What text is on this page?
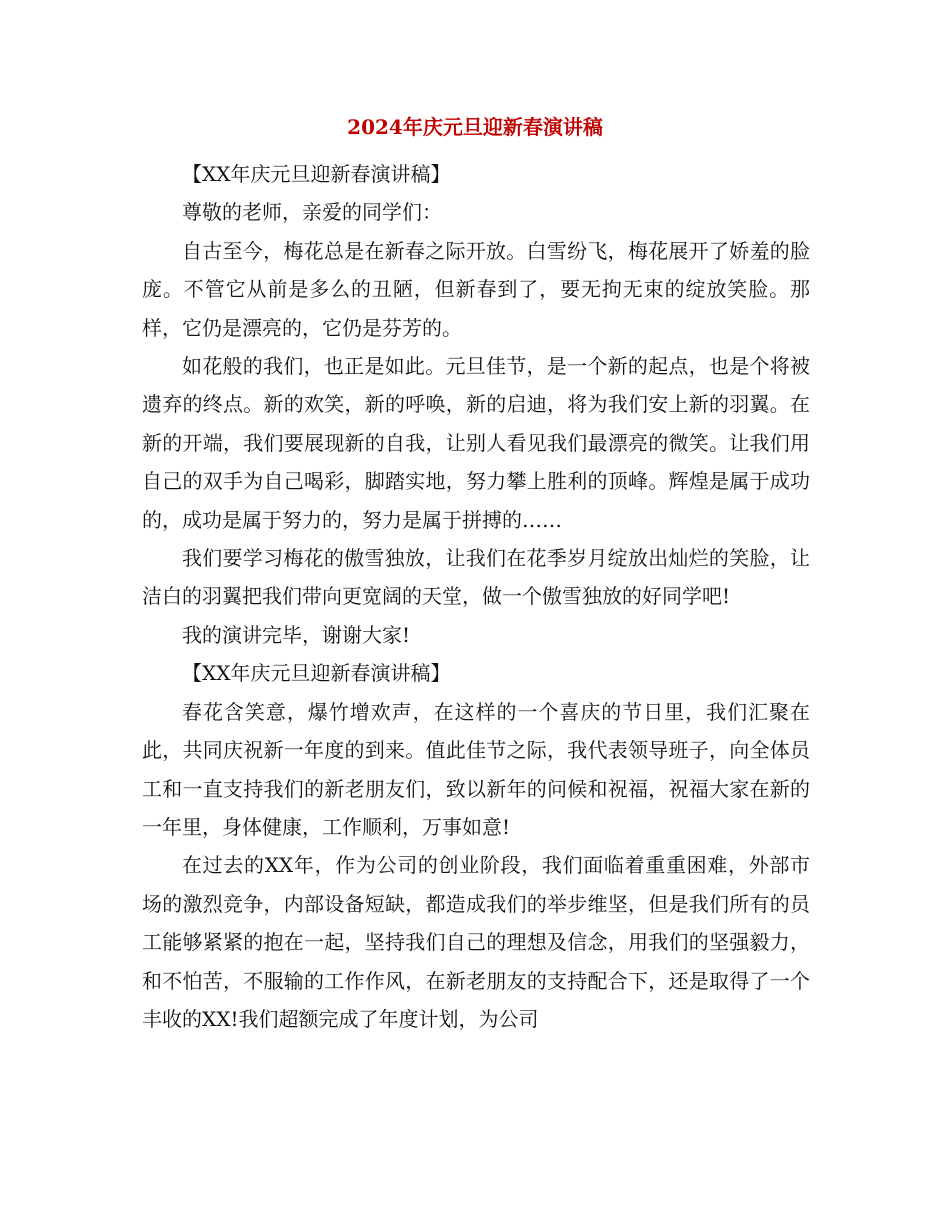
2024年庆元旦迎新春演讲稿

【XX年庆元旦迎新春演讲稿】

尊敬的老师，亲爱的同学们：

自古至今，梅花总是在新春之际开放。白雪纷飞，梅花展开了娇羞的脸庞。不管它从前是多么的丑陋，但新春到了，要无拘无束的绽放笑脸。那样，它仍是漂亮的，它仍是芬芳的。

如花般的我们，也正是如此。元旦佳节，是一个新的起点，也是个将被遗弃的终点。新的欢笑，新的呼唤，新的启迪，将为我们安上新的羽翼。在新的开端，我们要展现新的自我，让别人看见我们最漂亮的微笑。让我们用自己的双手为自己喝彩，脚踏实地，努力攀上胜利的顶峰。辉煌是属于成功的，成功是属于努力的，努力是属于拼搏的……

我们要学习梅花的傲雪独放，让我们在花季岁月绽放出灿烂的笑脸，让洁白的羽翼把我们带向更宽阔的天堂，做一个傲雪独放的好同学吧!

我的演讲完毕，谢谢大家!

【XX年庆元旦迎新春演讲稿】

春花含笑意，爆竹增欢声，在这样的一个喜庆的节日里，我们汇聚在此，共同庆祝新一年度的到来。值此佳节之际，我代表领导班子，向全体员工和一直支持我们的新老朋友们，致以新年的问候和祝福，祝福大家在新的一年里，身体健康，工作顺利，万事如意!

在过去的XX年，作为公司的创业阶段，我们面临着重重困难，外部市场的激烈竞争，内部设备短缺，都造成我们的举步维坚，但是我们所有的员工能够紧紧的抱在一起，坚持我们自己的理想及信念，用我们的坚强毅力，和不怕苦，不服输的工作作风，在新老朋友的支持配合下，还是取得了一个丰收的XX!我们超额完成了年度计划，为公司
